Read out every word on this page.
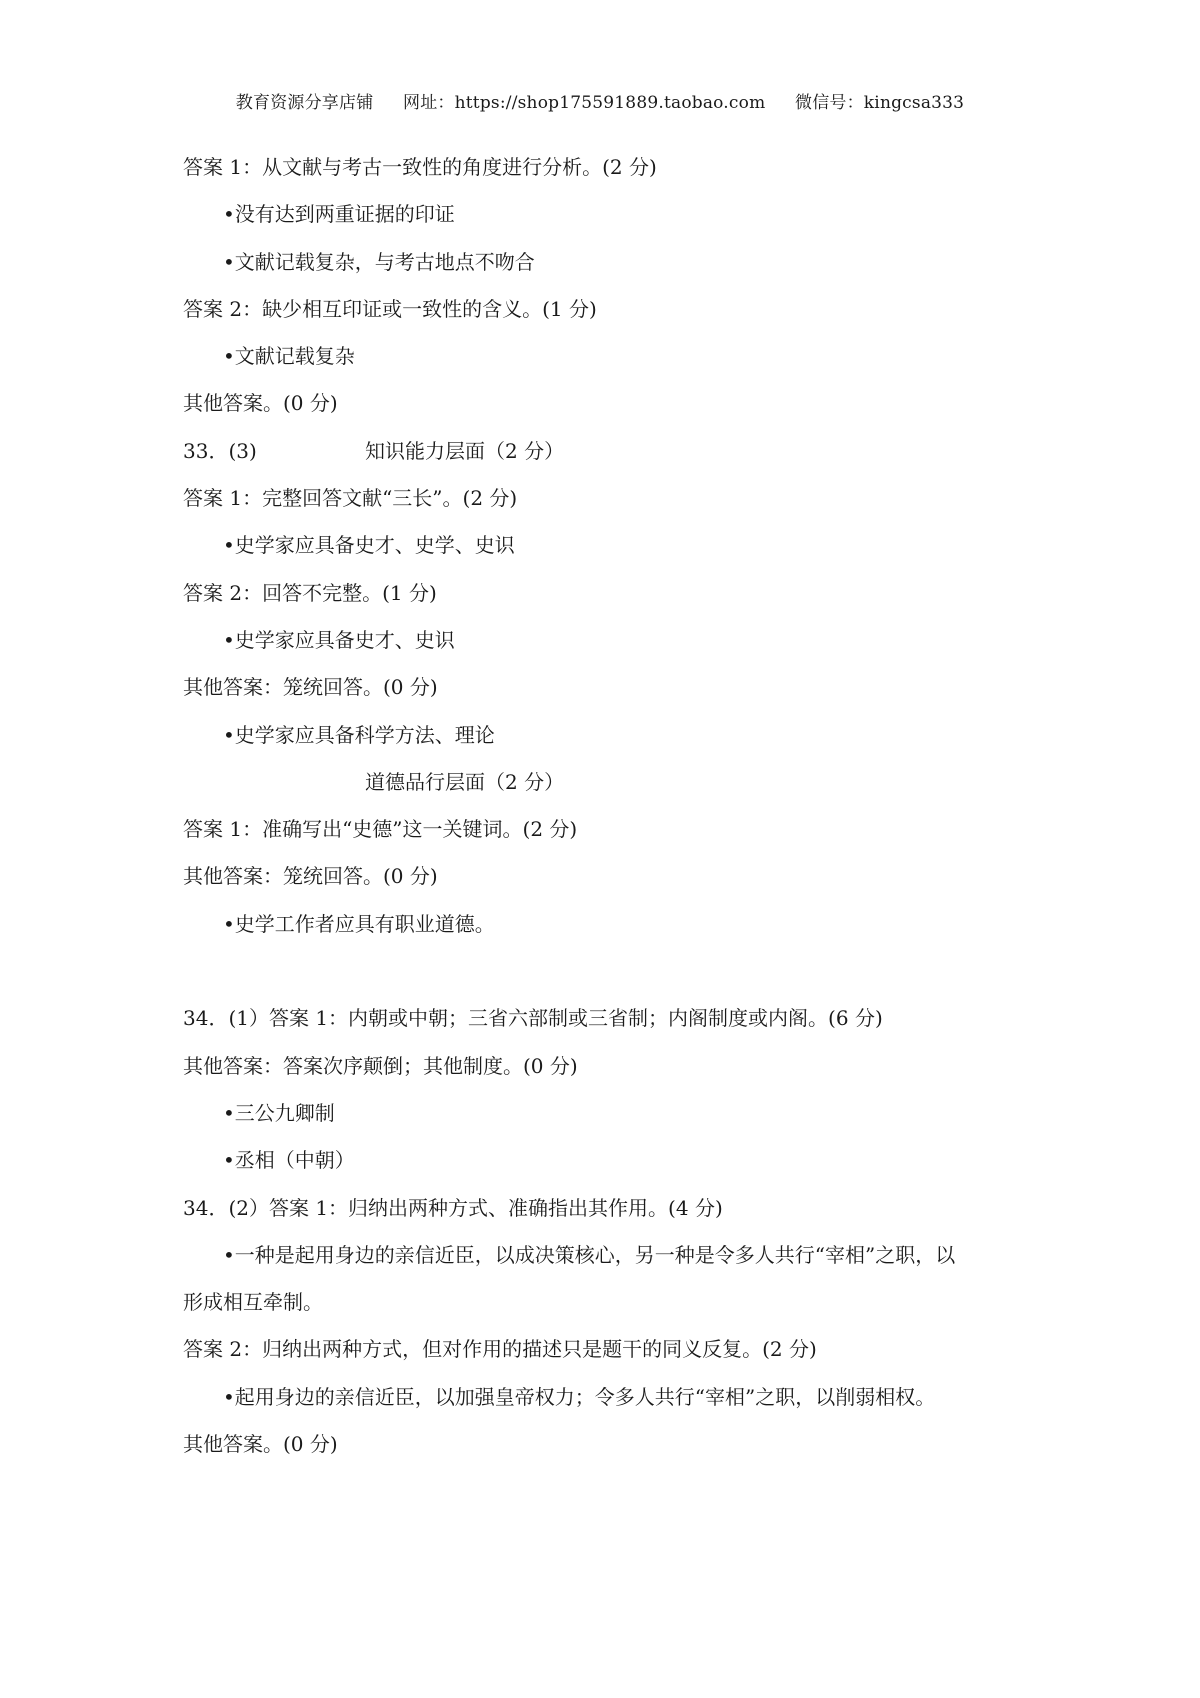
教育资源分享店铺 网址：https://shop175591889.taobao.com 微信号：kingcsa333
答案 1：从文献与考古一致性的角度进行分析。(2 分)
•没有达到两重证据的印证
•文献记载复杂，与考古地点不吻合
答案 2：缺少相互印证或一致性的含义。(1 分)
•文献记载复杂
其他答案。(0 分)
33．(3)	知识能力层面（2 分）
答案 1：完整回答文献“三长”。(2 分)
•史学家应具备史才、史学、史识
答案 2：回答不完整。(1 分)
•史学家应具备史才、史识
其他答案：笼统回答。(0 分)
•史学家应具备科学方法、理论
道德品行层面（2 分）
答案 1：准确写出“史德”这一关键词。(2 分)
其他答案：笼统回答。(0 分)
•史学工作者应具有职业道德。
34．(1）答案 1：内朝或中朝；三省六部制或三省制；内阁制度或内阁。(6 分)
其他答案：答案次序颠倒；其他制度。(0 分)
•三公九卿制
•丞相（中朝）
34．(2）答案 1：归纳出两种方式、准确指出其作用。(4 分)
•一种是起用身边的亲信近臣，以成决策核心，另一种是令多人共行“宰相”之职，以
形成相互牵制。
答案 2：归纳出两种方式，但对作用的描述只是题干的同义反复。(2 分)
•起用身边的亲信近臣，以加强皇帝权力；令多人共行“宰相”之职，以削弱相权。
其他答案。(0 分)
